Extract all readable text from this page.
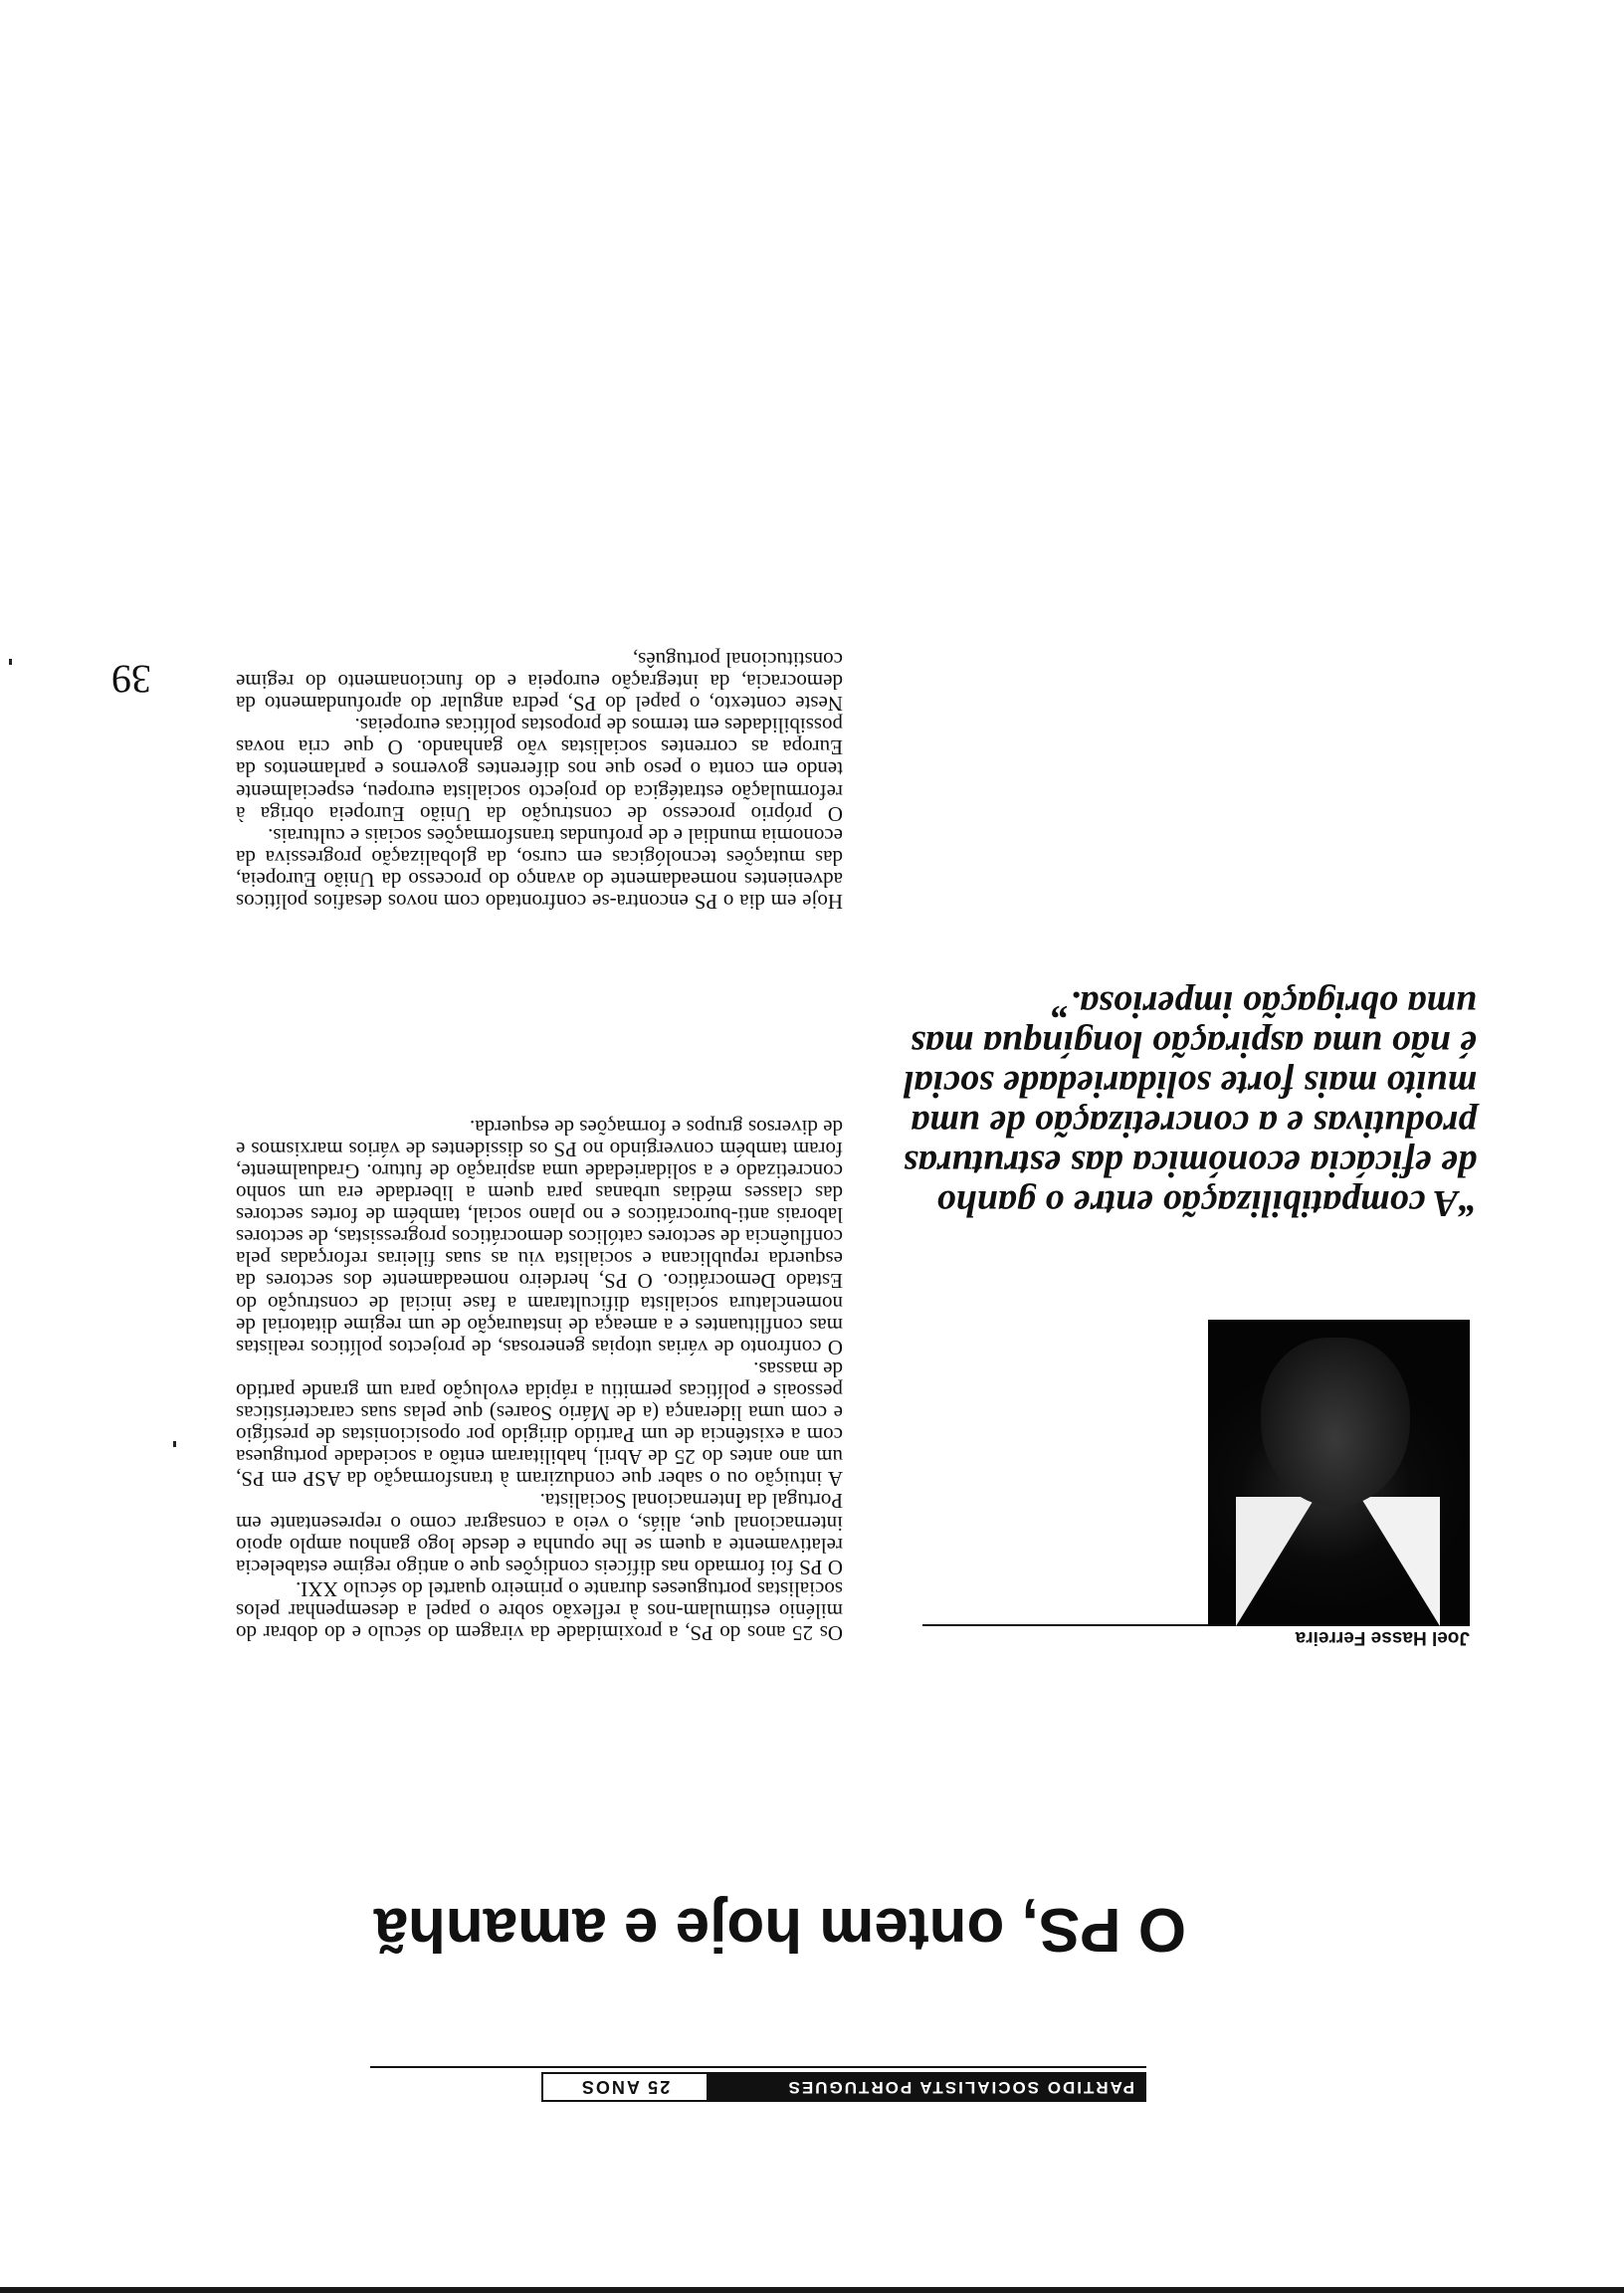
PARTIDO SOCIALISTA PORTUGUES
25 ANOS
O PS, ontem hoje e amanhã
Joel Hasse Ferreira
“A compatibilização entre o ganho
de eficácia económica das estruturas
produtivas e a concretização de uma
muito mais forte solidariedade social
é não uma aspiração longínqua mas
uma obrigação imperiosa.”

Os 25 anos do PS, a proximidade da viragem do século e do dobrar do milénio estimulam-nos à reflexão sobre o papel a desempenhar pelos socialistas portugueses durante o primeiro quartel do século XXI.

O PS foi formado nas difíceis condições que o antigo regime estabelecia relativamente a quem se lhe opunha e desde logo ganhou amplo apoio internacional que, aliás, o veio a consagrar como o representante em Portugal da Internacional Socialista.

A intuição ou o saber que conduziram à transformação da ASP em PS, um ano antes do 25 de Abril, habilitaram então a sociedade portuguesa com a existência de um Partido dirigido por oposicionistas de prestígio e com uma liderança (a de Mário Soares) que pelas suas características pessoais e políticas permitiu a rápida evolução para um grande partido de massas.

O confronto de várias utopias generosas, de projectos políticos realistas mas conflituantes e a ameaça de instauração de um regime ditatorial de nomenclatura socialista dificultaram a fase inicial de construção do Estado Democrático. O PS, herdeiro nomeadamente dos sectores da esquerda republicana e socialista viu as suas fileiras reforçadas pela confluência de sectores católicos democráticos progressistas, de sectores laborais anti-burocráticos e no plano social, também de fortes sectores das classes médias urbanas para quem a liberdade era um sonho concretizado e a solidariedade uma aspiração de futuro. Gradualmente, foram também convergindo no PS os dissidentes de vários marxismos e de diversos grupos e formações de esquerda.

Hoje em dia o PS encontra-se confrontado com novos desafios políticos advenientes nomeadamente do avanço do processo da União Europeia, das mutações tecnológicas em curso, da globalização progressiva da economia mundial e de profundas transformações sociais e culturais.

O próprio processo de construção da União Europeia obriga à reformulação estratégica do projecto socialista europeu, especialmente tendo em conta o peso que nos diferentes governos e parlamentos da Europa as correntes socialistas vão ganhando. O que cria novas possibilidades em termos de propostas políticas europeias.

Neste contexto, o papel do PS, pedra angular do aprofundamento da democracia, da integração europeia e do funcionamento do regime constitucional português,

39
